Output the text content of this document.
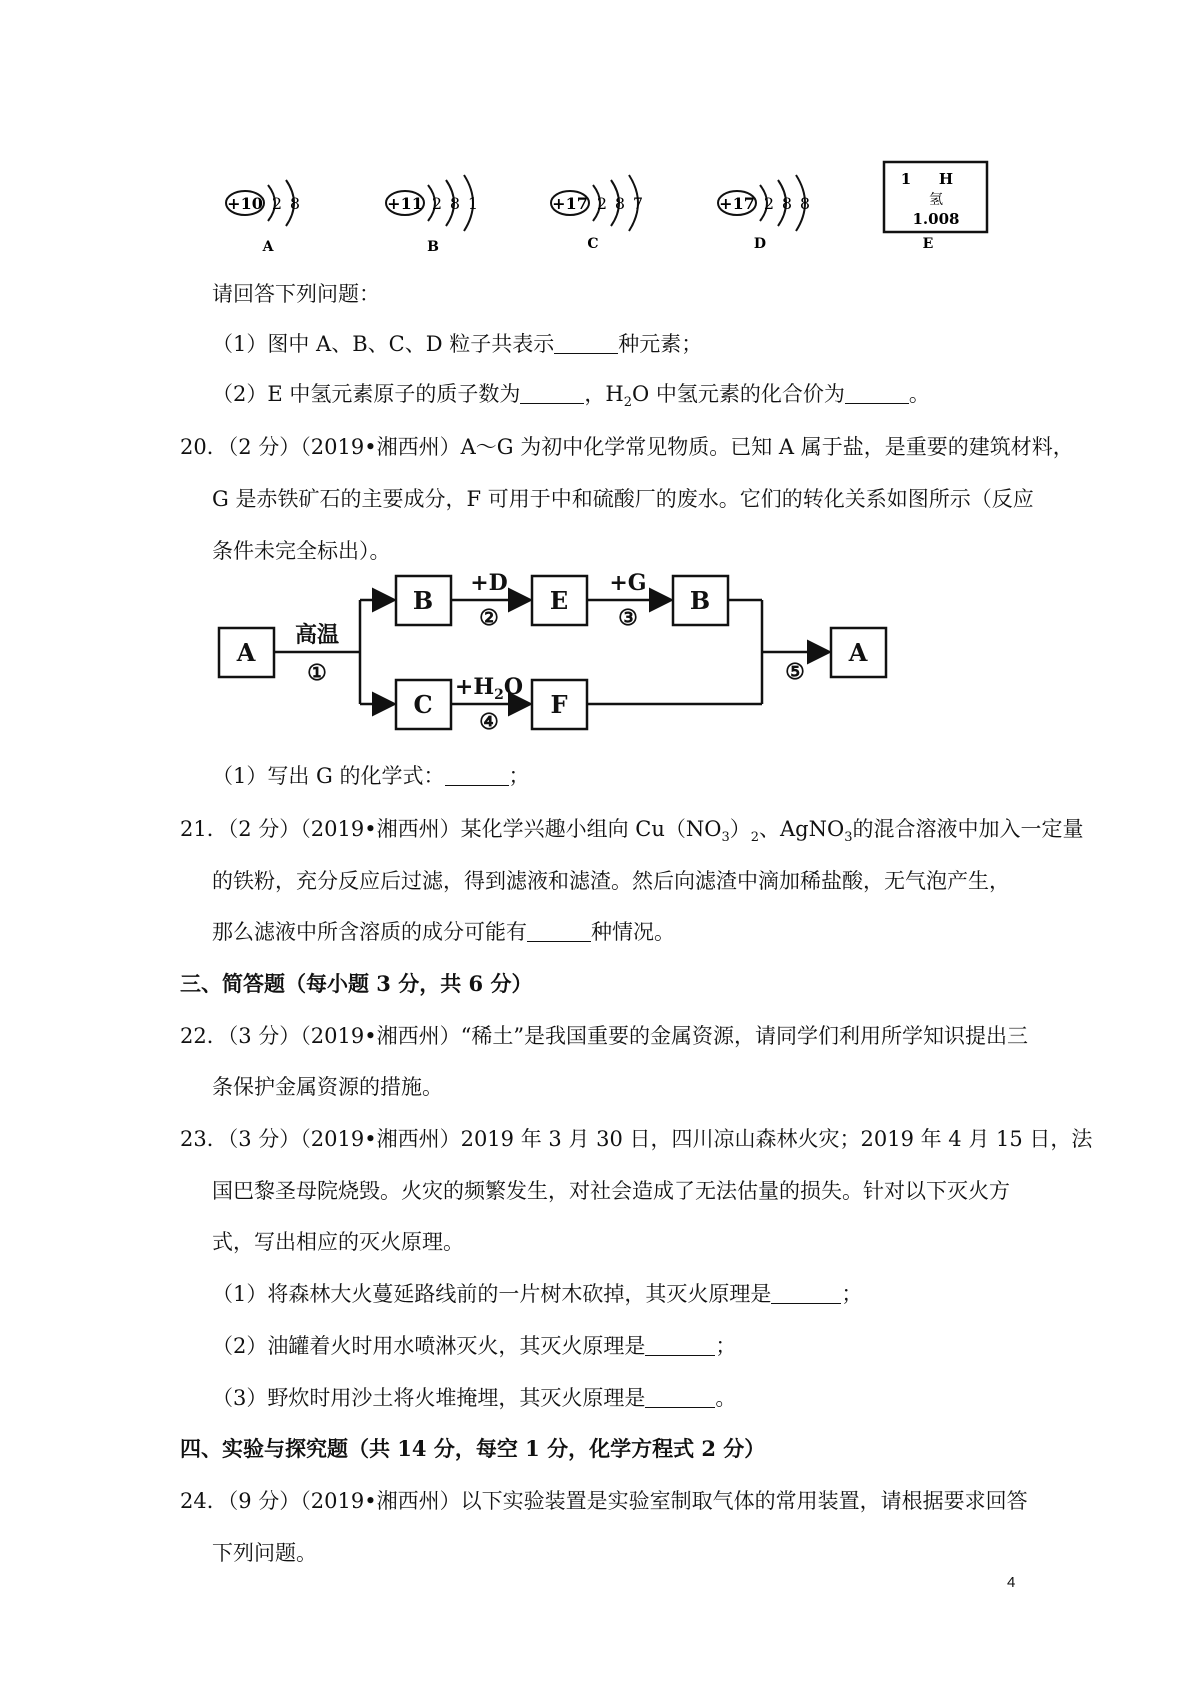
+10 2 8
A
+11 2 8 1
B
+17 2 8 7
C
+17 2 8 8
D
1 H
氢
1.008
E
请回答下列问题：
（1）图中 A、B、C、D 粒子共表示	种元素；
（2）E 中氢元素原子的质子数为	，$H_2O$ 中氢元素的化合价为	。
20．（2 分）（2019•湘西州）A～G 为初中化学常见物质。已知 A 属于盐，是重要的建筑材料，
G 是赤铁矿石的主要成分，F 可用于中和硫酸厂的废水。它们的转化关系如图所示（反应
条件未完全标出）。
A
B	E	B
C	F
A
高温
①
+D
②
+G
③
$+H_2O$
④
⑤
（1）写出 G 的化学式：	；
21．（2 分）（2019•湘西州）某化学兴趣小组向 $Cu(NO_3)_2$、AgNO$_3$的混合溶液中加入一定量
的铁粉，充分反应后过滤，得到滤液和滤渣。然后向滤渣中滴加稀盐酸，无气泡产生，
那么滤液中所含溶质的成分可能有	种情况。
三、简答题（每小题 3 分，共 6 分）
22．（3 分）（2019•湘西州）“稀土”是我国重要的金属资源，请同学们利用所学知识提出三
条保护金属资源的措施。
23．（3 分）（2019•湘西州）2019 年 3 月 30 日，四川凉山森林火灾；2019 年 4 月 15 日，法
国巴黎圣母院烧毁。火灾的频繁发生，对社会造成了无法估量的损失。针对以下灭火方
式，写出相应的灭火原理。
（1）将森林大火蔓延路线前的一片树木砍掉，其灭火原理是	；
（2）油罐着火时用水喷淋灭火，其灭火原理是	；
（3）野炊时用沙土将火堆掩埋，其灭火原理是	。
四、实验与探究题（共 14 分，每空 1 分，化学方程式 2 分）
24．（9 分）（2019•湘西州）以下实验装置是实验室制取气体的常用装置，请根据要求回答
下列问题。
4
